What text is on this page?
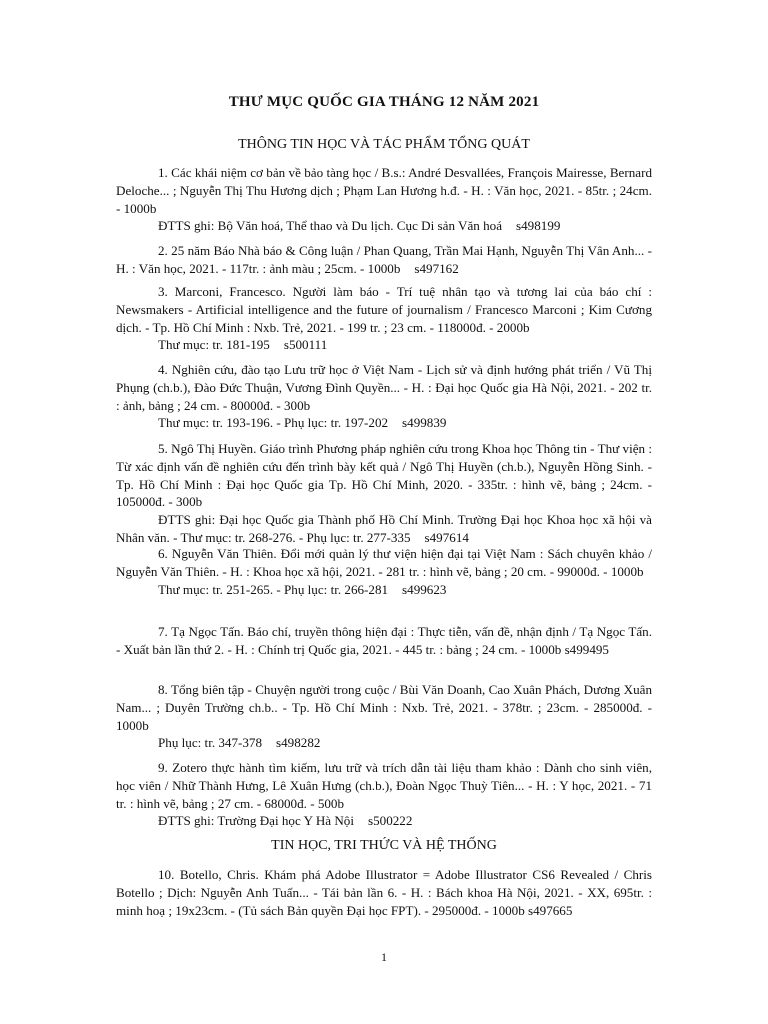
THƯ MỤC QUỐC GIA THÁNG 12 NĂM 2021
THÔNG TIN HỌC VÀ TÁC PHẨM TỔNG QUÁT
1. Các khái niệm cơ bản về bảo tàng học / B.s.: André Desvallées, François Mairesse, Bernard Deloche... ; Nguyễn Thị Thu Hương dịch ; Phạm Lan Hương h.đ. - H. : Văn học, 2021. - 85tr. ; 24cm. - 1000b
ĐTTS ghi: Bộ Văn hoá, Thể thao và Du lịch. Cục Di sản Văn hoá s498199
2. 25 năm Báo Nhà báo & Công luận / Phan Quang, Trần Mai Hạnh, Nguyễn Thị Vân Anh... - H. : Văn học, 2021. - 117tr. : ảnh màu ; 25cm. - 1000b s497162
3. Marconi, Francesco. Người làm báo - Trí tuệ nhân tạo và tương lai của báo chí : Newsmakers - Artificial intelligence and the future of journalism / Francesco Marconi ; Kim Cương dịch. - Tp. Hồ Chí Minh : Nxb. Trẻ, 2021. - 199 tr. ; 23 cm. - 118000đ. - 2000b
Thư mục: tr. 181-195 s500111
4. Nghiên cứu, đào tạo Lưu trữ học ở Việt Nam - Lịch sử và định hướng phát triển / Vũ Thị Phụng (ch.b.), Đào Đức Thuận, Vương Đình Quyền... - H. : Đại học Quốc gia Hà Nội, 2021. - 202 tr. : ảnh, bảng ; 24 cm. - 80000đ. - 300b
Thư mục: tr. 193-196. - Phụ lục: tr. 197-202 s499839
5. Ngô Thị Huyền. Giáo trình Phương pháp nghiên cứu trong Khoa học Thông tin - Thư viện : Từ xác định vấn đề nghiên cứu đến trình bày kết quả / Ngô Thị Huyền (ch.b.), Nguyễn Hồng Sinh. - Tp. Hồ Chí Minh : Đại học Quốc gia Tp. Hồ Chí Minh, 2020. - 335tr. : hình vẽ, bảng ; 24cm. - 105000đ. - 300b
ĐTTS ghi: Đại học Quốc gia Thành phố Hồ Chí Minh. Trường Đại học Khoa học xã hội và Nhân văn. - Thư mục: tr. 268-276. - Phụ lục: tr. 277-335 s497614
6. Nguyễn Văn Thiên. Đổi mới quản lý thư viện hiện đại tại Việt Nam : Sách chuyên khảo / Nguyễn Văn Thiên. - H. : Khoa học xã hội, 2021. - 281 tr. : hình vẽ, bảng ; 20 cm. - 99000đ. - 1000b
Thư mục: tr. 251-265. - Phụ lục: tr. 266-281 s499623
7. Tạ Ngọc Tấn. Báo chí, truyền thông hiện đại : Thực tiễn, vấn đề, nhận định / Tạ Ngọc Tấn. - Xuất bản lần thứ 2. - H. : Chính trị Quốc gia, 2021. - 445 tr. : bảng ; 24 cm. - 1000b s499495
8. Tổng biên tập - Chuyện người trong cuộc / Bùi Văn Doanh, Cao Xuân Phách, Dương Xuân Nam... ; Duyên Trường ch.b.. - Tp. Hồ Chí Minh : Nxb. Trẻ, 2021. - 378tr. ; 23cm. - 285000đ. - 1000b
Phụ lục: tr. 347-378 s498282
9. Zotero thực hành tìm kiếm, lưu trữ và trích dẫn tài liệu tham khảo : Dành cho sinh viên, học viên / Nhữ Thành Hưng, Lê Xuân Hưng (ch.b.), Đoàn Ngọc Thuỳ Tiên... - H. : Y học, 2021. - 71 tr. : hình vẽ, bảng ; 27 cm. - 68000đ. - 500b
ĐTTS ghi: Trường Đại học Y Hà Nội s500222
TIN HỌC, TRI THỨC VÀ HỆ THỐNG
10. Botello, Chris. Khám phá Adobe Illustrator = Adobe Illustrator CS6 Revealed / Chris Botello ; Dịch: Nguyễn Anh Tuấn... - Tái bản lần 6. - H. : Bách khoa Hà Nội, 2021. - XX, 695tr. : minh hoạ ; 19x23cm. - (Tủ sách Bản quyền Đại học FPT). - 295000đ. - 1000b s497665
1
